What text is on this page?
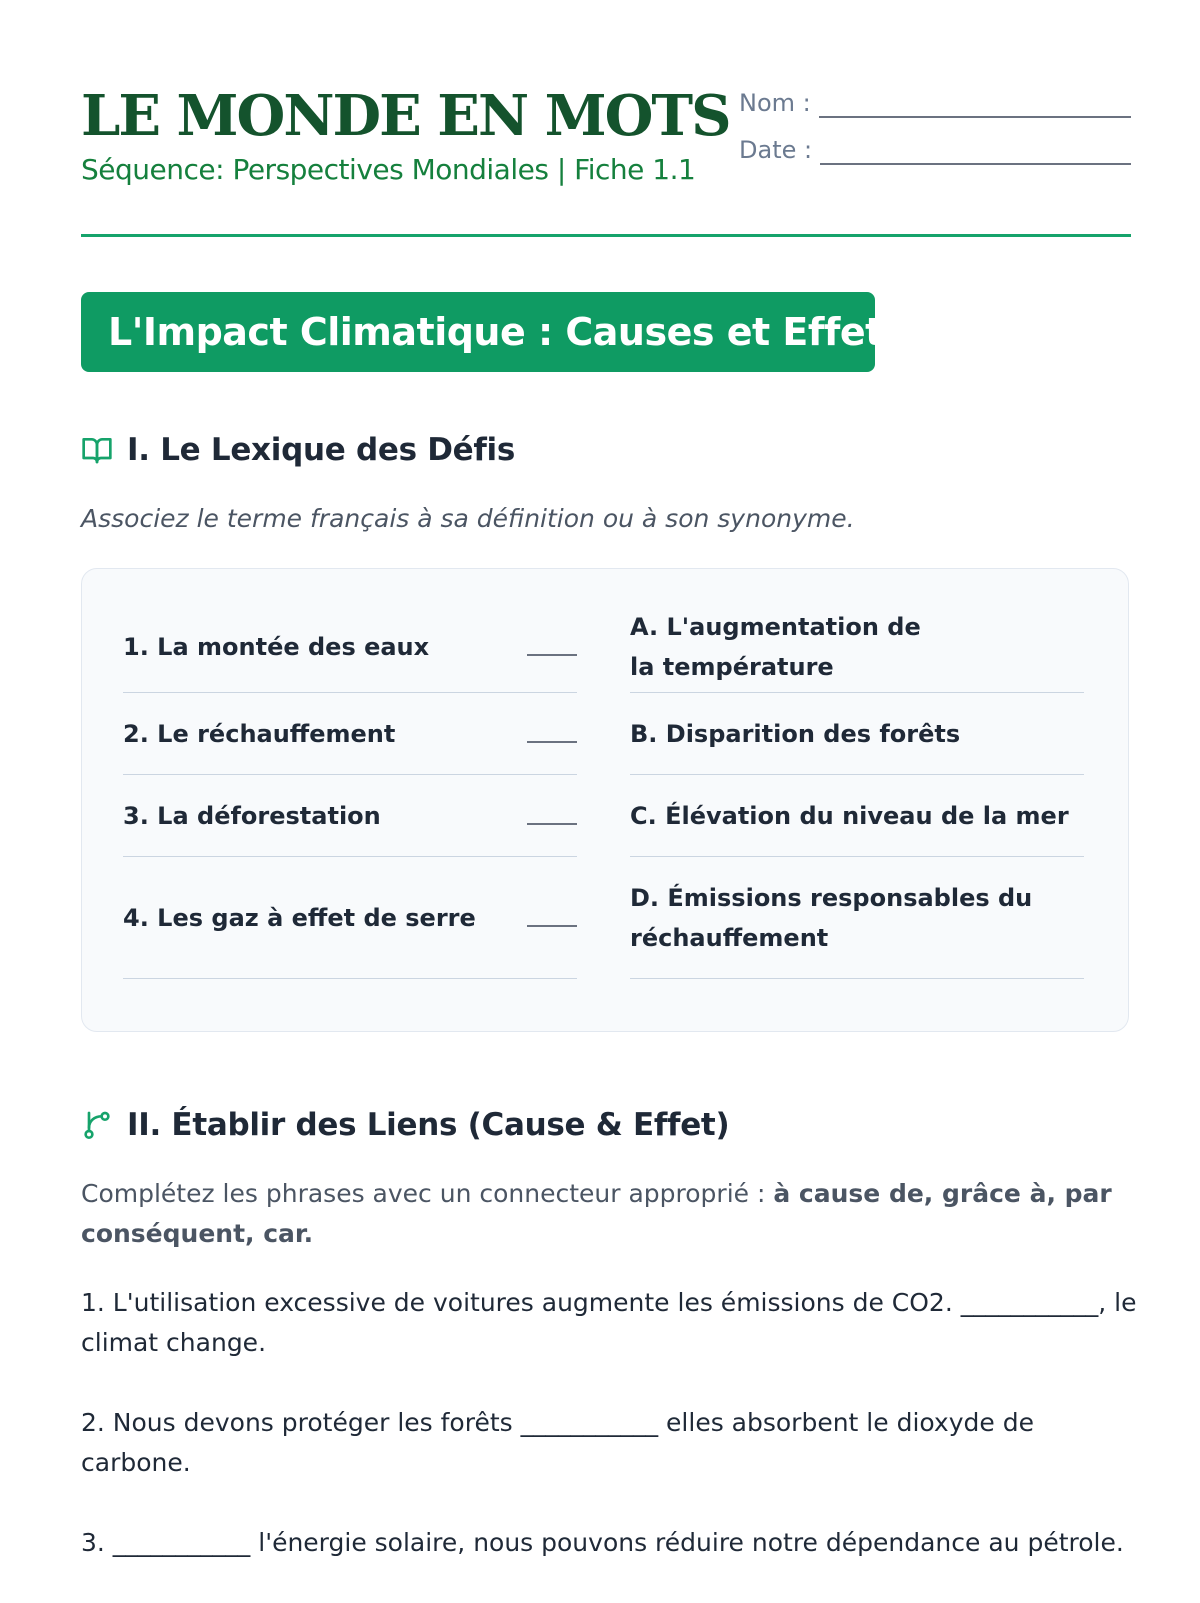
LE MONDE EN MOTS
Séquence: Perspectives Mondiales | Fiche 1.1
Nom :
Date :
L'Impact Climatique : Causes et Effets
I. Le Lexique des Défis
Associez le terme français à sa définition ou à son synonyme.
1. La montée des eaux
2. Le réchauffement
3. La déforestation
4. Les gaz à effet de serre
A. L'augmentation de la température
B. Disparition des forêts
C. Élévation du niveau de la mer
D. Émissions responsables du réchauffement
II. Établir des Liens (Cause & Effet)
Complétez les phrases avec un connecteur approprié : à cause de, grâce à, par conséquent, car.

1. L'utilisation excessive de voitures augmente les émissions de CO2. ___________, le climat change.

2. Nous devons protéger les forêts ___________ elles absorbent le dioxyde de carbone.

3. ___________ l'énergie solaire, nous pouvons réduire notre dépendance au pétrole.
